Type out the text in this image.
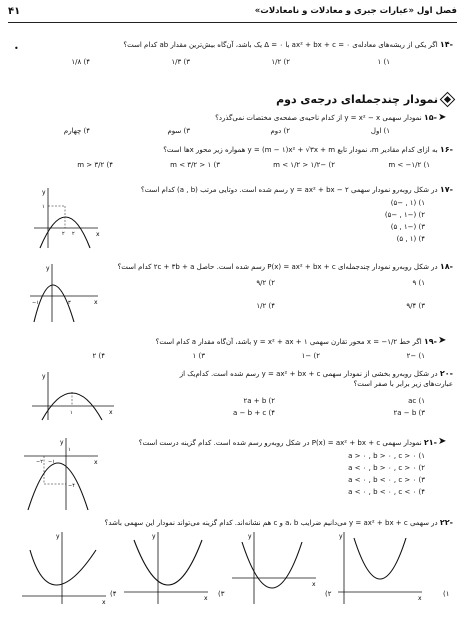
۴۱	فصل اول «عبارات جبری و معادلات و نامعادلات»
-۱۴ اگر یکی از ریشه‌های معادله‌ی ax² + bx + c = ۰ با Δ = ۰ یک باشد، آن‌گاه بیش‌ترین مقدار ab کدام است؟
•
۱) ۱
۲) ۱/۲
۳) ۱/۳
۴) ۱/۸
نمودار چندجمله‌ای درجه‌ی دوم
➤
-۱۵ نمودار سهمی y = x² − x از کدام ناحیه‌ی صفحه‌ی مختصات نمی‌گذرد؟
۱) اول
۲) دوم
۳) سوم
۴) چهارم
-۱۶ به ازای کدام مقادیر m، نمودار تابع y = (m − ۱)x² + √۳x + m همواره زیر محور xها است؟
۱) m < −۱/۲
۲) −۱/۲ < m < ۱/۲
۳) ۱ < m < ۳/۲
۴) m > ۳/۲
-۱۷ در شکل روبه‌رو نمودار سهمی y = ax² + bx − ۲ رسم شده است. دوتایی مرتب (a , b) کدام است؟
۱) (۱ , −۵)
۲) (−۱ , −۵)
۳) (−۱ , ۵)
۴) (۱ , ۵)
y
x
۱
۲ ۲
-۱۸ در شکل روبه‌رو نمودار چندجمله‌ای P(x) = ax² + bx + c رسم شده است. حاصل ۲c + ۳b + a کدام است؟
۱) ۹
۲) ۹/۲
۳) ۹/۴
۴) ۱/۲
y
x
−۱	۳
➤
-۱۹ اگر خط x = −۱/۲ محور تقارن سهمی y = x² + ax + ۱ باشد، آن‌گاه مقدار a کدام است؟
۱) −۲
۲) −۱
۳) ۱
۴) ۲
-۲۰ در شکل روبه‌رو بخشی از نمودار سهمی y = ax² + bx + c رسم شده است. کدام‌یک از عبارت‌های زیر برابر با صفر است؟
۱) ac
۲) ۲a + b
۳) ۲a − b
۴) a − b + c
y
x
۱
➤
-۲۱ نمودار سهمی P(x) = ax² + bx + c در شکل روبه‌رو رسم شده است. کدام گزینه درست است؟
۱) a > ۰ , b > ۰ , c > ۰
۲) a < ۰ , b > ۰ , c > ۰
۳) a < ۰ , b < ۰ , c > ۰
۴) a < ۰ , b < ۰ , c < ۰
y
x
۱
−۲ −۱
−۴
-۲۲ در سهمی y = ax² + bx + c می‌دانیم ضرایب a، b و c هم نشانه‌اند. کدام گزینه می‌تواند نمودار این سهمی باشد؟
۱)
y
x
۲)
y
x
۳)
y
x
۴)
y
x
